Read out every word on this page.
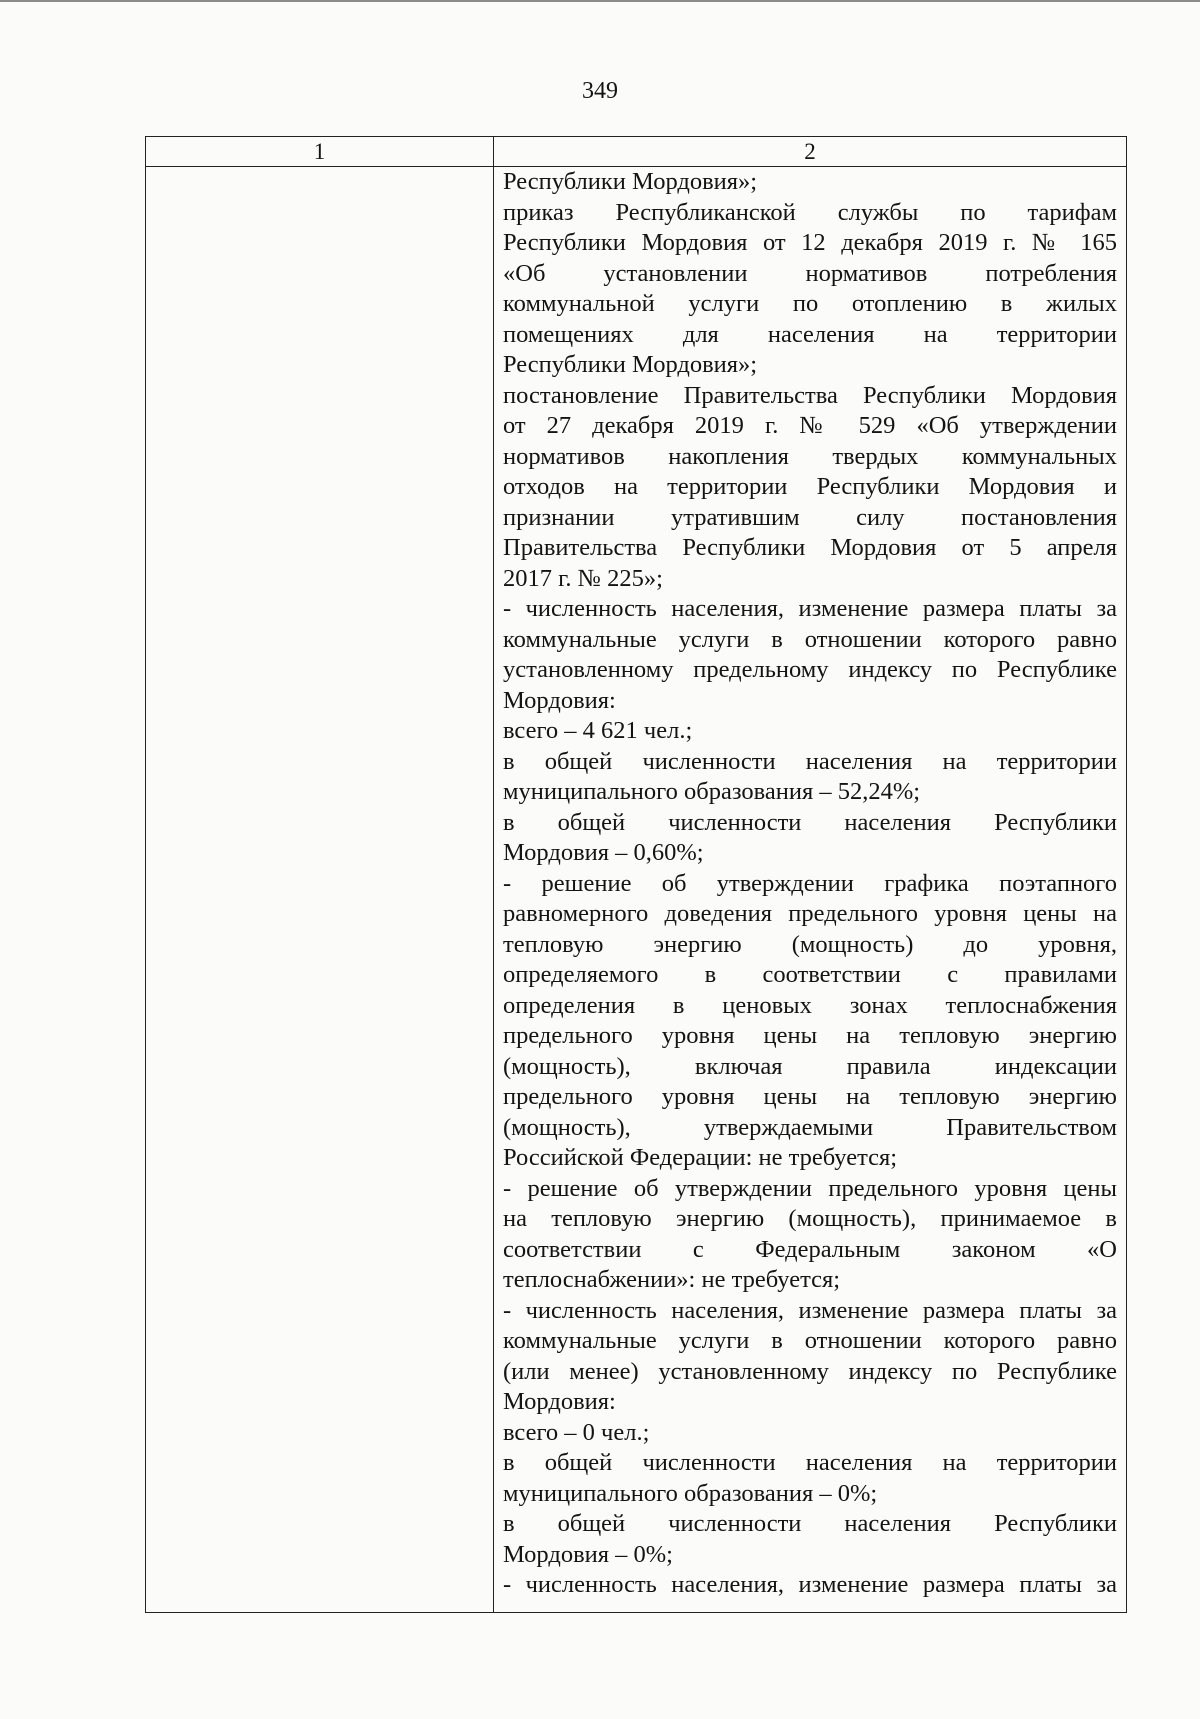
349
1	2
Республики Мордовия»;
приказ Республиканской службы по тарифам
Республики Мордовия от 12 декабря 2019 г. № 165
«Об установлении нормативов потребления
коммунальной услуги по отоплению в жилых
помещениях для населения на территории
Республики Мордовия»;
постановление Правительства Республики Мордовия
от 27 декабря 2019 г. № 529 «Об утверждении
нормативов накопления твердых коммунальных
отходов на территории Республики Мордовия и
признании утратившим силу постановления
Правительства Республики Мордовия от 5 апреля
2017 г. № 225»;
- численность населения, изменение размера платы за
коммунальные услуги в отношении которого равно
установленному предельному индексу по Республике
Мордовия:
всего – 4 621 чел.;
в общей численности населения на территории
муниципального образования – 52,24%;
в общей численности населения Республики
Мордовия – 0,60%;
- решение об утверждении графика поэтапного
равномерного доведения предельного уровня цены на
тепловую энергию (мощность) до уровня,
определяемого в соответствии с правилами
определения в ценовых зонах теплоснабжения
предельного уровня цены на тепловую энергию
(мощность), включая правила индексации
предельного уровня цены на тепловую энергию
(мощность), утверждаемыми Правительством
Российской Федерации: не требуется;
- решение об утверждении предельного уровня цены
на тепловую энергию (мощность), принимаемое в
соответствии с Федеральным законом «О
теплоснабжении»: не требуется;
- численность населения, изменение размера платы за
коммунальные услуги в отношении которого равно
(или менее) установленному индексу по Республике
Мордовия:
всего – 0 чел.;
в общей численности населения на территории
муниципального образования – 0%;
в общей численности населения Республики
Мордовия – 0%;
- численность населения, изменение размера платы за
